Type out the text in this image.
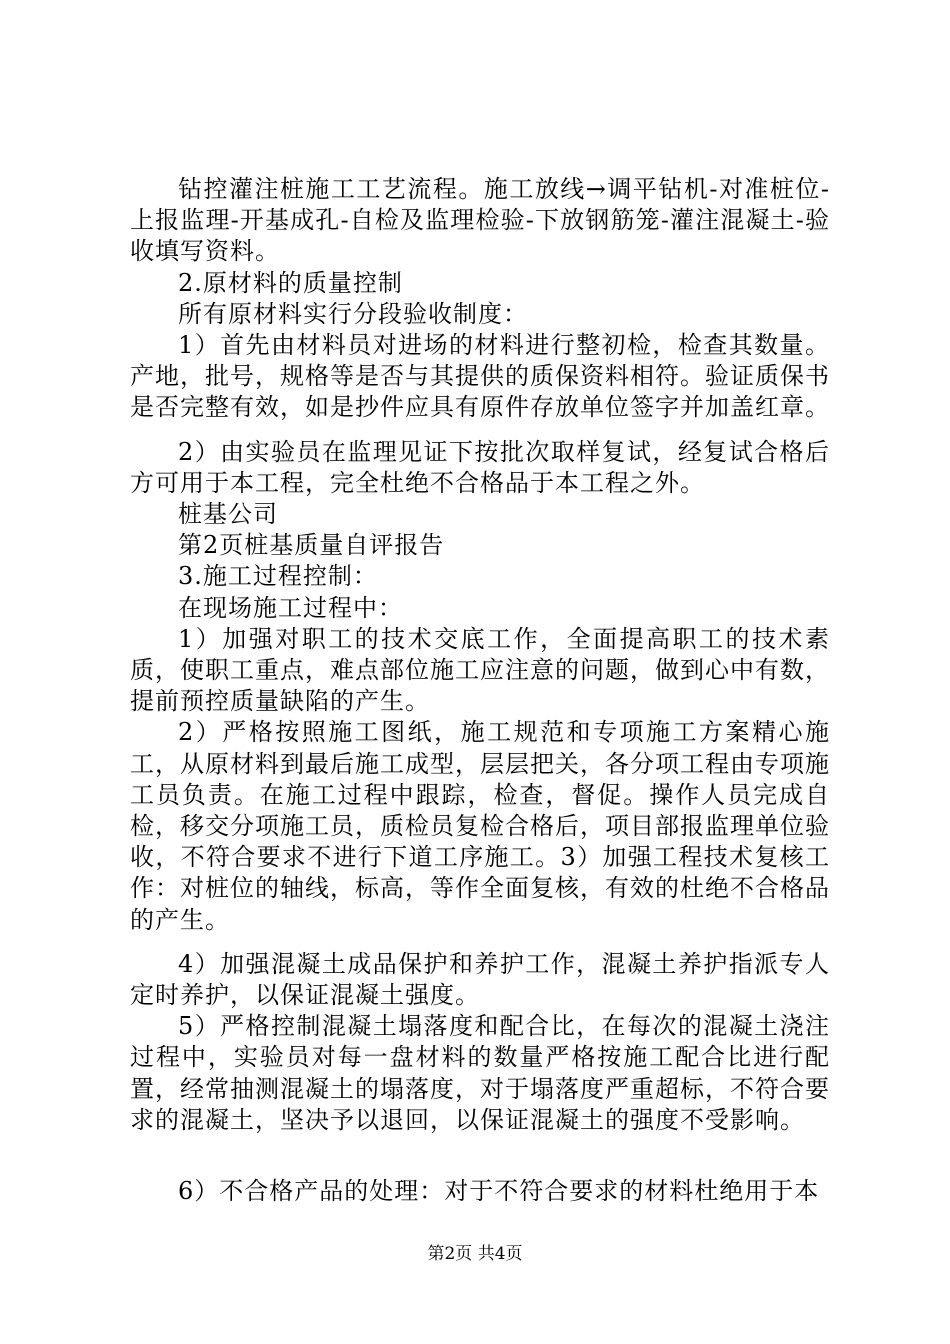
钻控灌注桩施工工艺流程。施工放线→调平钻机-对准桩位-上报监理-开基成孔-自检及监理检验-下放钢筋笼-灌注混凝土-验收填写资料。

2.原材料的质量控制

所有原材料实行分段验收制度：

1）首先由材料员对进场的材料进行整初检，检查其数量。产地，批号，规格等是否与其提供的质保资料相符。验证质保书是否完整有效，如是抄件应具有原件存放单位签字并加盖红章。

2）由实验员在监理见证下按批次取样复试，经复试合格后方可用于本工程，完全杜绝不合格品于本工程之外。

桩基公司

第2页桩基质量自评报告

3.施工过程控制：

在现场施工过程中：

1）加强对职工的技术交底工作，全面提高职工的技术素质，使职工重点，难点部位施工应注意的问题，做到心中有数，提前预控质量缺陷的产生。

2）严格按照施工图纸，施工规范和专项施工方案精心施工，从原材料到最后施工成型，层层把关，各分项工程由专项施工员负责。在施工过程中跟踪，检查，督促。操作人员完成自检，移交分项施工员，质检员复检合格后，项目部报监理单位验收，不符合要求不进行下道工序施工。3）加强工程技术复核工作：对桩位的轴线，标高，等作全面复核，有效的杜绝不合格品的产生。

4）加强混凝土成品保护和养护工作，混凝土养护指派专人定时养护，以保证混凝土强度。

5）严格控制混凝土塌落度和配合比，在每次的混凝土浇注过程中，实验员对每一盘材料的数量严格按施工配合比进行配置，经常抽测混凝土的塌落度，对于塌落度严重超标，不符合要求的混凝土，坚决予以退回，以保证混凝土的强度不受影响。

6）不合格产品的处理：对于不符合要求的材料杜绝用于本

第2页 共4页
